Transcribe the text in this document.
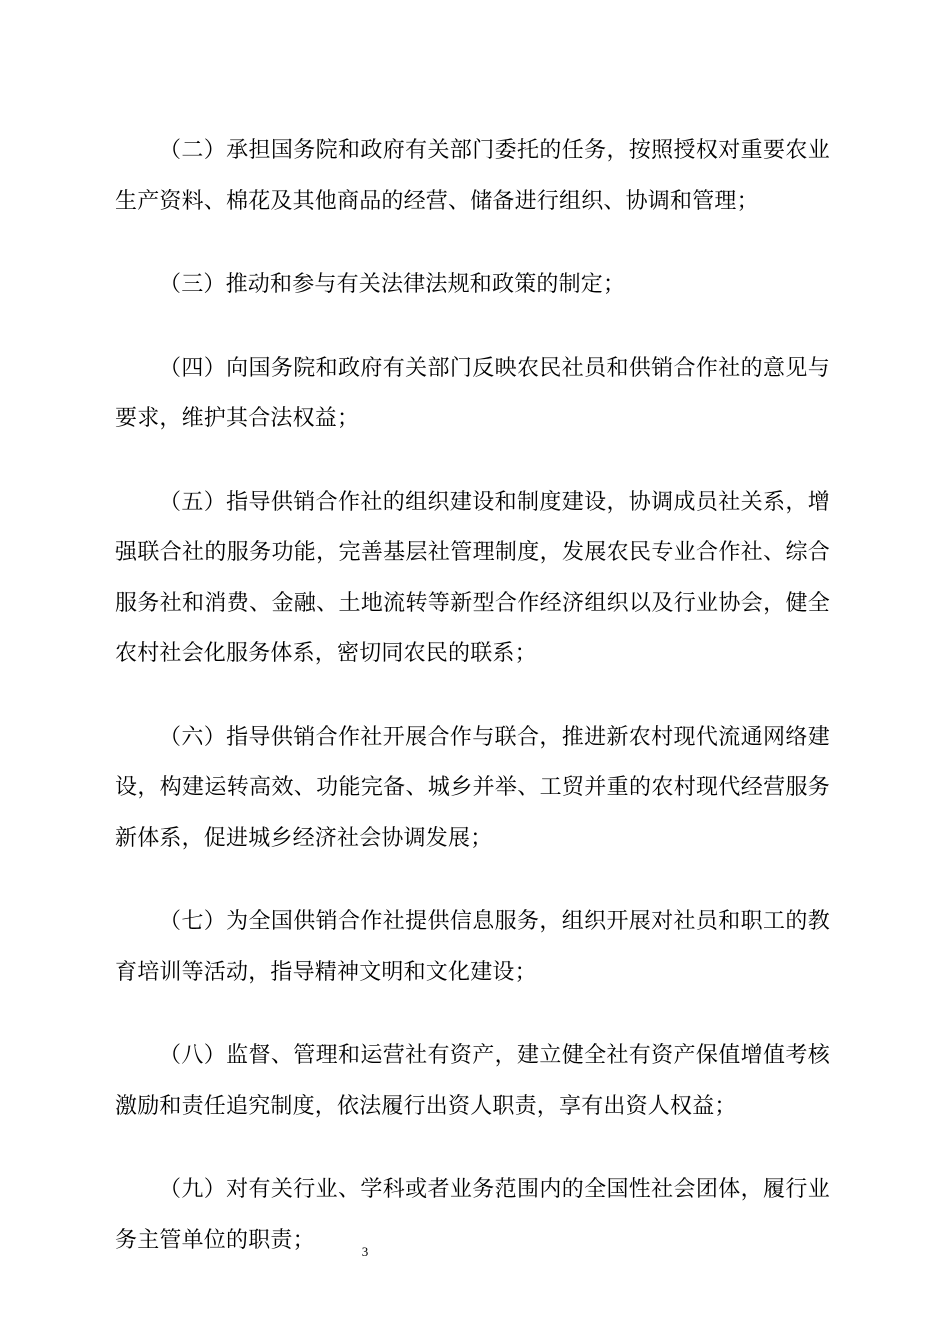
（二）承担国务院和政府有关部门委托的任务，按照授权对重要农业生产资料、棉花及其他商品的经营、储备进行组织、协调和管理；

（三）推动和参与有关法律法规和政策的制定；

（四）向国务院和政府有关部门反映农民社员和供销合作社的意见与要求，维护其合法权益；

（五）指导供销合作社的组织建设和制度建设，协调成员社关系，增强联合社的服务功能，完善基层社管理制度，发展农民专业合作社、综合服务社和消费、金融、土地流转等新型合作经济组织以及行业协会，健全农村社会化服务体系，密切同农民的联系；

（六）指导供销合作社开展合作与联合，推进新农村现代流通网络建设，构建运转高效、功能完备、城乡并举、工贸并重的农村现代经营服务新体系，促进城乡经济社会协调发展；

（七）为全国供销合作社提供信息服务，组织开展对社员和职工的教育培训等活动，指导精神文明和文化建设；

（八）监督、管理和运营社有资产，建立健全社有资产保值增值考核激励和责任追究制度，依法履行出资人职责，享有出资人权益；

（九）对有关行业、学科或者业务范围内的全国性社会团体，履行业务主管单位的职责；	3
